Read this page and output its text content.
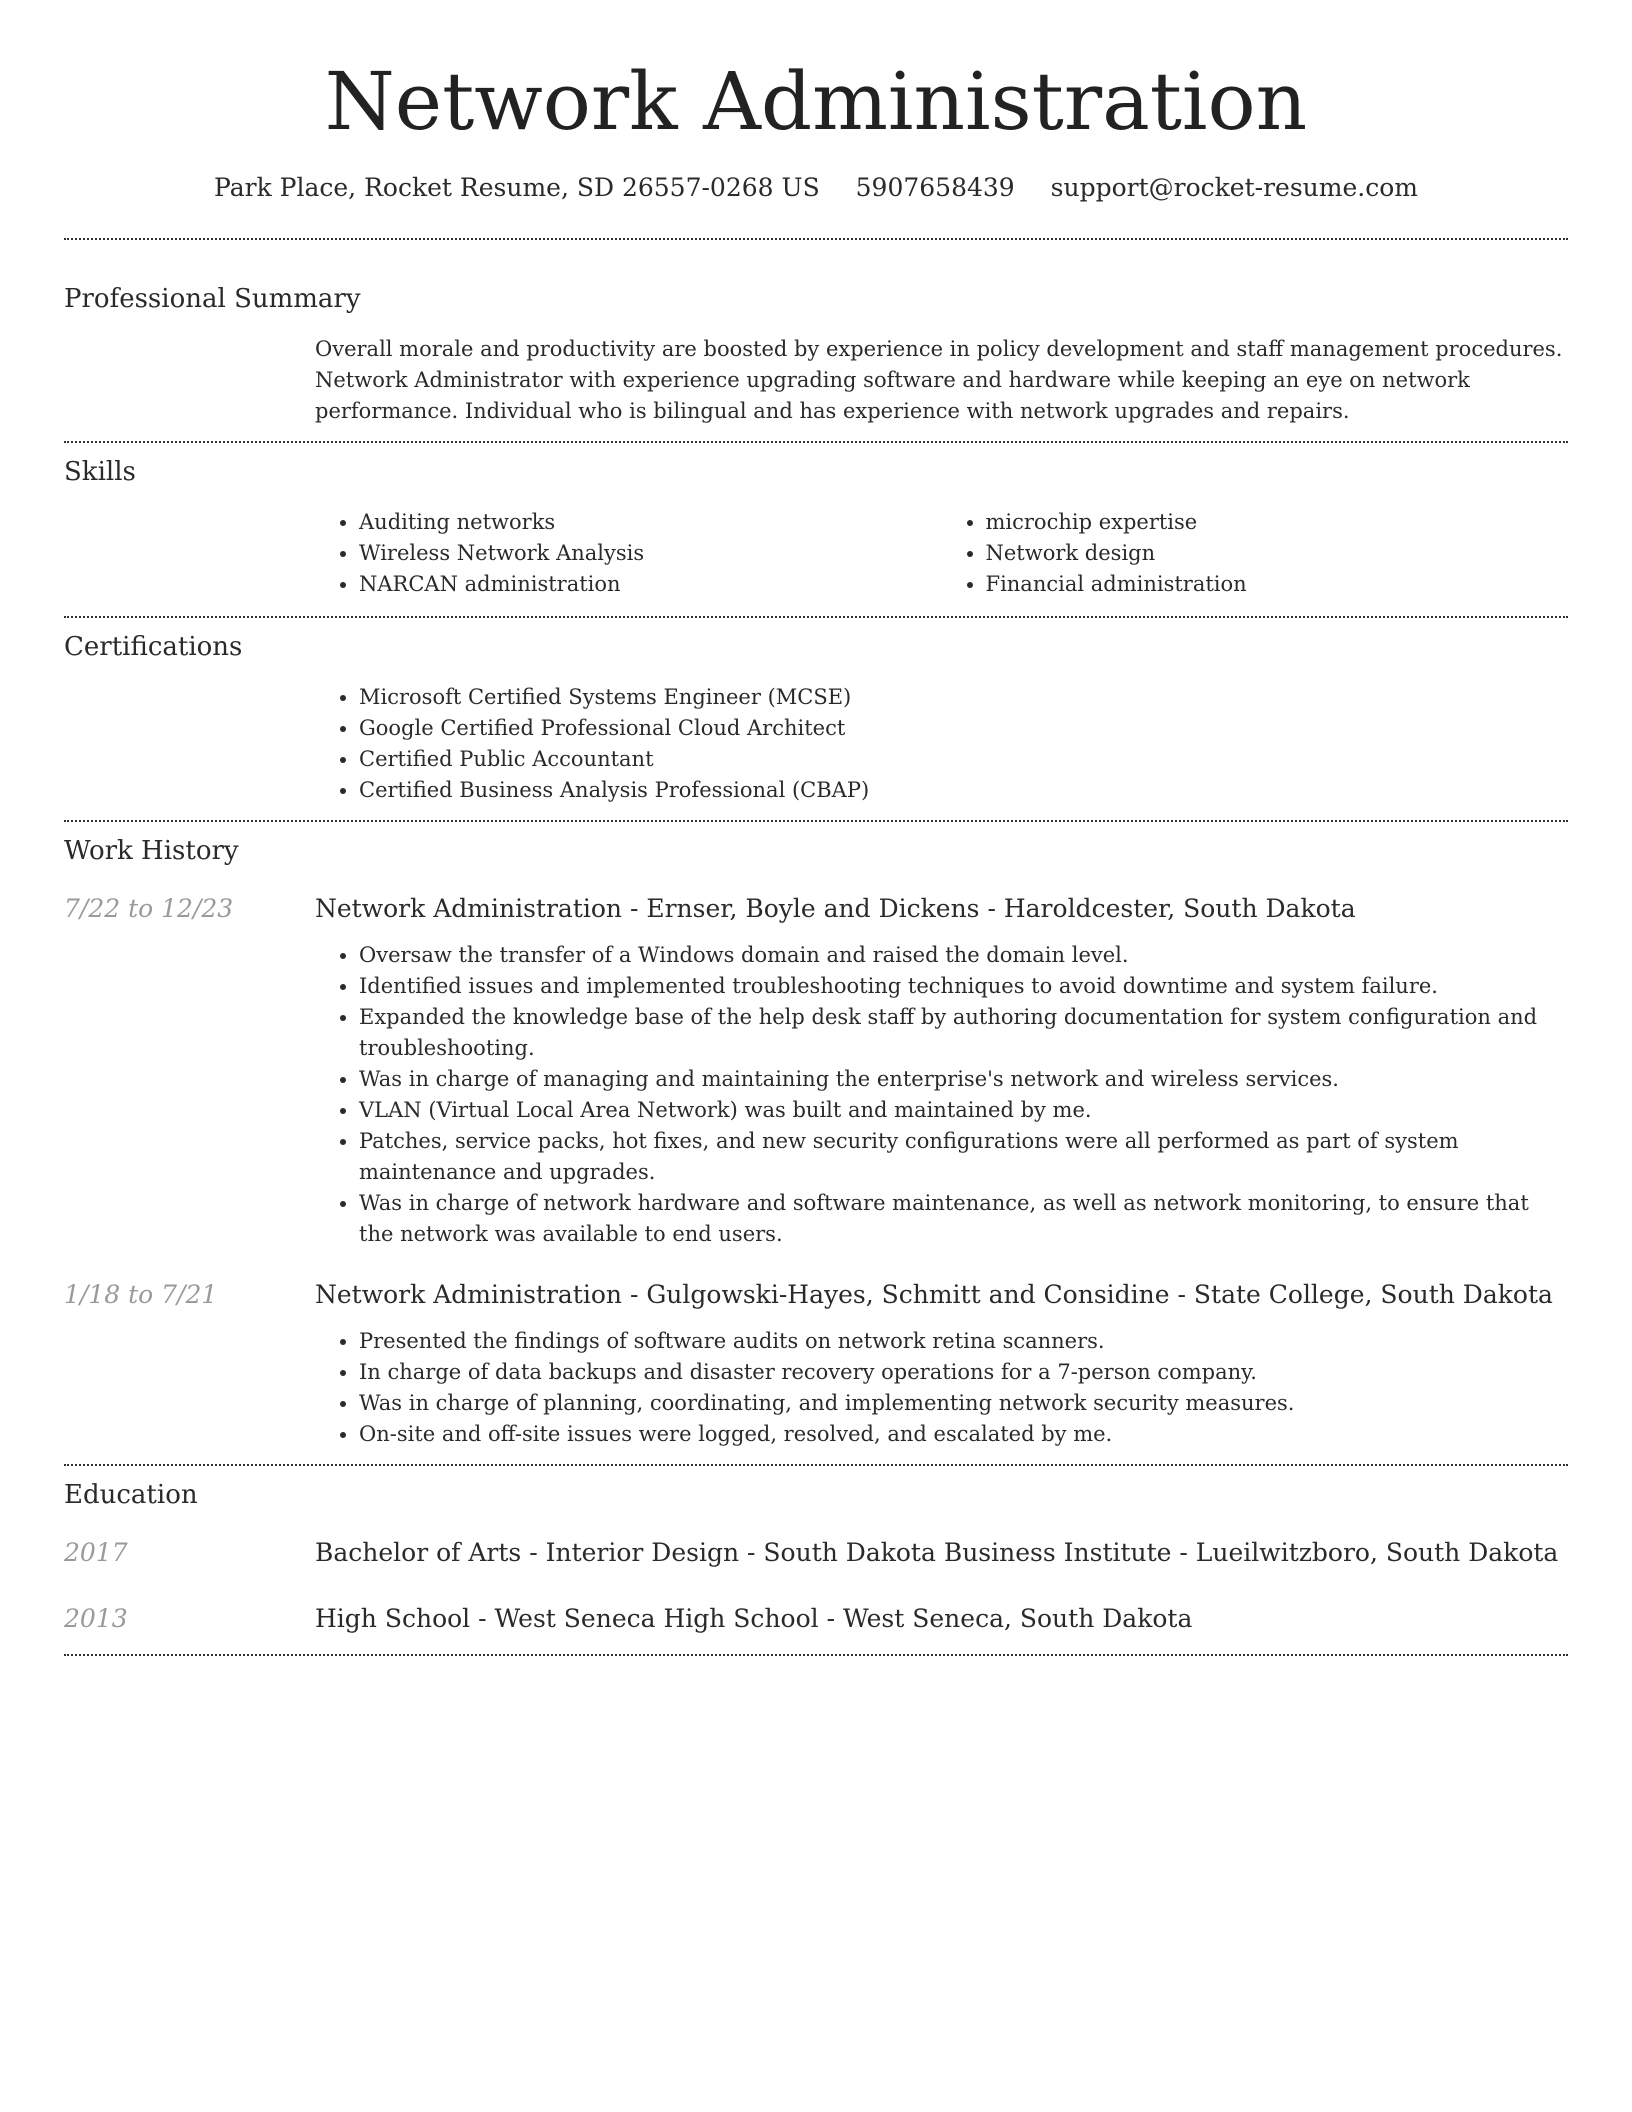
Network Administration
Park Place, Rocket Resume, SD 26557-0268 US 5907658439 support@rocket-resume.com
Professional Summary
Overall morale and productivity are boosted by experience in policy development and staff management procedures. Network Administrator with experience upgrading software and hardware while keeping an eye on network performance. Individual who is bilingual and has experience with network upgrades and repairs.
Skills
• Auditing networks
• Wireless Network Analysis
• NARCAN administration
• microchip expertise
• Network design
• Financial administration
Certifications
• Microsoft Certified Systems Engineer (MCSE)
• Google Certified Professional Cloud Architect
• Certified Public Accountant
• Certified Business Analysis Professional (CBAP)
Work History
7/22 to 12/23	Network Administration - Ernser, Boyle and Dickens - Haroldcester, South Dakota
• Oversaw the transfer of a Windows domain and raised the domain level.
• Identified issues and implemented troubleshooting techniques to avoid downtime and system failure.
• Expanded the knowledge base of the help desk staff by authoring documentation for system configuration and troubleshooting.
• Was in charge of managing and maintaining the enterprise's network and wireless services.
• VLAN (Virtual Local Area Network) was built and maintained by me.
• Patches, service packs, hot fixes, and new security configurations were all performed as part of system maintenance and upgrades.
• Was in charge of network hardware and software maintenance, as well as network monitoring, to ensure that the network was available to end users.
1/18 to 7/21	Network Administration - Gulgowski-Hayes, Schmitt and Considine - State College, South Dakota
• Presented the findings of software audits on network retina scanners.
• In charge of data backups and disaster recovery operations for a 7-person company.
• Was in charge of planning, coordinating, and implementing network security measures.
• On-site and off-site issues were logged, resolved, and escalated by me.
Education
2017	Bachelor of Arts - Interior Design - South Dakota Business Institute - Lueilwitzboro, South Dakota
2013	High School - West Seneca High School - West Seneca, South Dakota
